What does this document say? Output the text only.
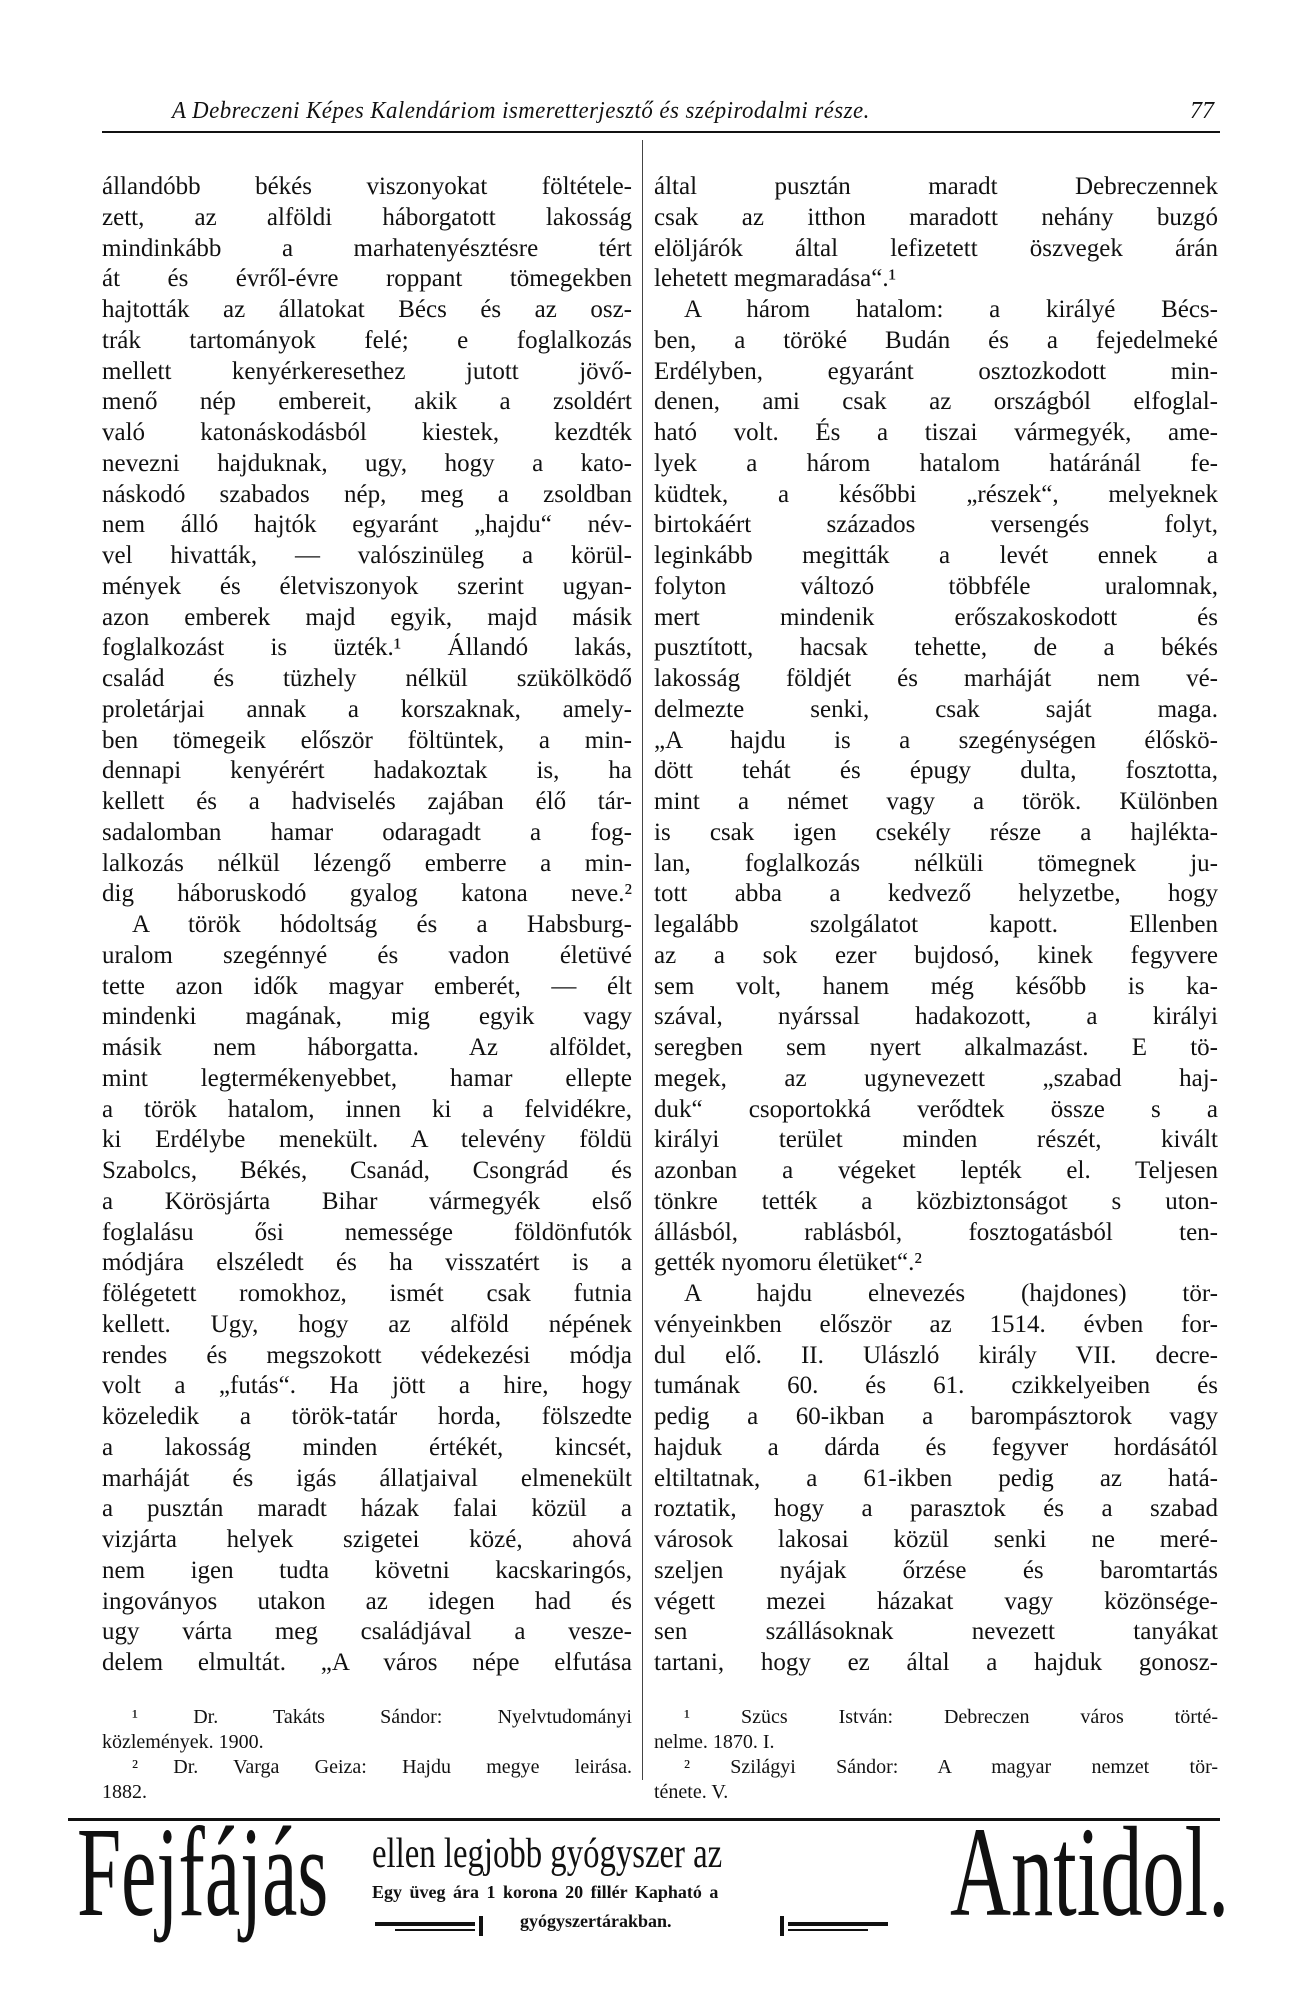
A Debreczeni Képes Kalendáriom ismeretterjesztő és szépirodalmi része.	77
állandóbb békés viszonyokat föltétele-
zett, az alföldi háborgatott lakosság
mindinkább a marhatenyésztésre tért
át és évről-évre roppant tömegekben
hajtották az állatokat Bécs és az osz-
trák tartományok felé; e foglalkozás
mellett kenyérkeresethez jutott jövő-
menő nép embereit, akik a zsoldért
való katonáskodásból kiestek, kezdték
nevezni hajduknak, ugy, hogy a kato-
náskodó szabados nép, meg a zsoldban
nem álló hajtók egyaránt „hajdu“ név-
vel hivatták, — valószinüleg a körül-
mények és életviszonyok szerint ugyan-
azon emberek majd egyik, majd másik
foglalkozást is üzték.¹ Állandó lakás,
család és tüzhely nélkül szükölködő
proletárjai annak a korszaknak, amely-
ben tömegeik először föltüntek, a min-
dennapi kenyérért hadakoztak is, ha
kellett és a hadviselés zajában élő tár-
sadalomban hamar odaragadt a fog-
lalkozás nélkül lézengő emberre a min-
dig háboruskodó gyalog katona neve.²
A török hódoltság és a Habsburg-
uralom szegénnyé és vadon életüvé
tette azon idők magyar emberét, — élt
mindenki magának, mig egyik vagy
másik nem háborgatta. Az alföldet,
mint legtermékenyebbet, hamar ellepte
a török hatalom, innen ki a felvidékre,
ki Erdélybe menekült. A televény földü
Szabolcs, Békés, Csanád, Csongrád és
a Körösjárta Bihar vármegyék első
foglalásu ősi nemessége földönfutók
módjára elszéledt és ha visszatért is a
fölégetett romokhoz, ismét csak futnia
kellett. Ugy, hogy az alföld népének
rendes és megszokott védekezési módja
volt a „futás“. Ha jött a hire, hogy
közeledik a török-tatár horda, fölszedte
a lakosság minden értékét, kincsét,
marháját és igás állatjaival elmenekült
a pusztán maradt házak falai közül a
vizjárta helyek szigetei közé, ahová
nem igen tudta követni kacskaringós,
ingoványos utakon az idegen had és
ugy várta meg családjával a vesze-
delem elmultát. „A város népe elfutása
által pusztán maradt Debreczennek
csak az itthon maradott nehány buzgó
elöljárók által lefizetett öszvegek árán
lehetett megmaradása“.¹
A három hatalom: a királyé Bécs-
ben, a töröké Budán és a fejedelmeké
Erdélyben, egyaránt osztozkodott min-
denen, ami csak az országból elfoglal-
ható volt. És a tiszai vármegyék, ame-
lyek a három hatalom határánál fe-
küdtek, a későbbi „részek“, melyeknek
birtokáért százados versengés folyt,
leginkább megitták a levét ennek a
folyton változó többféle uralomnak,
mert mindenik erőszakoskodott és
pusztított, hacsak tehette, de a békés
lakosság földjét és marháját nem vé-
delmezte senki, csak saját maga.
„A hajdu is a szegénységen élőskö-
dött tehát és épugy dulta, fosztotta,
mint a német vagy a török. Különben
is csak igen csekély része a hajlékta-
lan, foglalkozás nélküli tömegnek ju-
tott abba a kedvező helyzetbe, hogy
legalább szolgálatot kapott. Ellenben
az a sok ezer bujdosó, kinek fegyvere
sem volt, hanem még később is ka-
szával, nyárssal hadakozott, a királyi
seregben sem nyert alkalmazást. E tö-
megek, az ugynevezett „szabad haj-
duk“ csoportokká verődtek össze s a
királyi terület minden részét, kivált
azonban a végeket lepték el. Teljesen
tönkre tették a közbiztonságot s uton-
állásból, rablásból, fosztogatásból ten-
gették nyomoru életüket“.²
A hajdu elnevezés (hajdones) tör-
vényeinkben először az 1514. évben for-
dul elő. II. Ulászló király VII. decre-
tumának 60. és 61. czikkelyeiben és
pedig a 60-ikban a barompásztorok vagy
hajduk a dárda és fegyver hordásától
eltiltatnak, a 61-ikben pedig az hatá-
roztatik, hogy a parasztok és a szabad
városok lakosai közül senki ne meré-
szeljen nyájak őrzése és baromtartás
végett mezei házakat vagy közönsége-
sen szállásoknak nevezett tanyákat
tartani, hogy ez által a hajduk gonosz-
¹ Dr. Takáts Sándor: Nyelvtudományi
közlemények. 1900.
² Dr. Varga Geiza: Hajdu megye leirása.
1882.
¹ Szücs István: Debreczen város törté-
nelme. 1870. I.
² Szilágyi Sándor: A magyar nemzet tör-
ténete. V.
Fejfájás ellen legjobb gyógyszer az
Egy üveg ára 1 korona 20 fillér Kapható a
gyógyszertárakban. Antidol.
